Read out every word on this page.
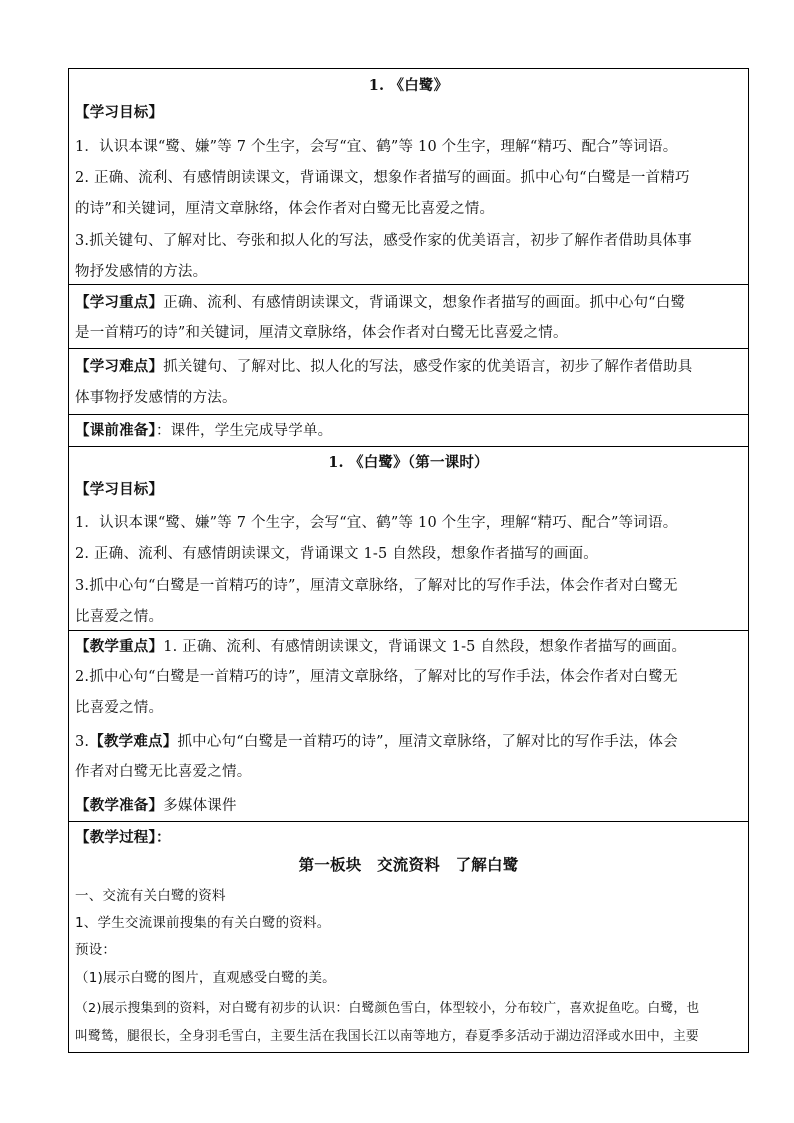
1. 《白鹭》
【学习目标】
1．认识本课“鹭、嫌”等 7 个生字，会写“宜、鹤”等 10 个生字，理解“精巧、配合”等词语。
2. 正确、流利、有感情朗读课文，背诵课文，想象作者描写的画面。抓中心句“白鹭是一首精巧
的诗”和关键词，厘清文章脉络，体会作者对白鹭无比喜爱之情。
3.抓关键句、了解对比、夸张和拟人化的写法，感受作家的优美语言，初步了解作者借助具体事
物抒发感情的方法。
【学习重点】正确、流利、有感情朗读课文，背诵课文，想象作者描写的画面。抓中心句“白鹭
是一首精巧的诗”和关键词，厘清文章脉络，体会作者对白鹭无比喜爱之情。
【学习难点】抓关键句、了解对比、拟人化的写法，感受作家的优美语言，初步了解作者借助具
体事物抒发感情的方法。
【课前准备】：课件，学生完成导学单。
1. 《白鹭》（第一课时）
【学习目标】
1．认识本课“鹭、嫌”等 7 个生字，会写“宜、鹤”等 10 个生字，理解“精巧、配合”等词语。
2. 正确、流利、有感情朗读课文，背诵课文 1-5 自然段，想象作者描写的画面。
3.抓中心句“白鹭是一首精巧的诗”，厘清文章脉络，了解对比的写作手法，体会作者对白鹭无
比喜爱之情。
【教学重点】1. 正确、流利、有感情朗读课文，背诵课文 1-5 自然段，想象作者描写的画面。
2.抓中心句“白鹭是一首精巧的诗”，厘清文章脉络，了解对比的写作手法，体会作者对白鹭无
比喜爱之情。
3.【教学难点】抓中心句“白鹭是一首精巧的诗”，厘清文章脉络，了解对比的写作手法，体会
作者对白鹭无比喜爱之情。
【教学准备】多媒体课件
【教学过程】：
第一板块　交流资料　了解白鹭
一、交流有关白鹭的资料
1、学生交流课前搜集的有关白鹭的资料。
预设：
（1)展示白鹭的图片，直观感受白鹭的美。
（2)展示搜集到的资料，对白鹭有初步的认识：白鹭颜色雪白，体型较小，分布较广，喜欢捉鱼吃。白鹭，也
叫鹭鸶，腿很长，全身羽毛雪白，主要生活在我国长江以南等地方，春夏季多活动于湖边沼泽或水田中，主要
